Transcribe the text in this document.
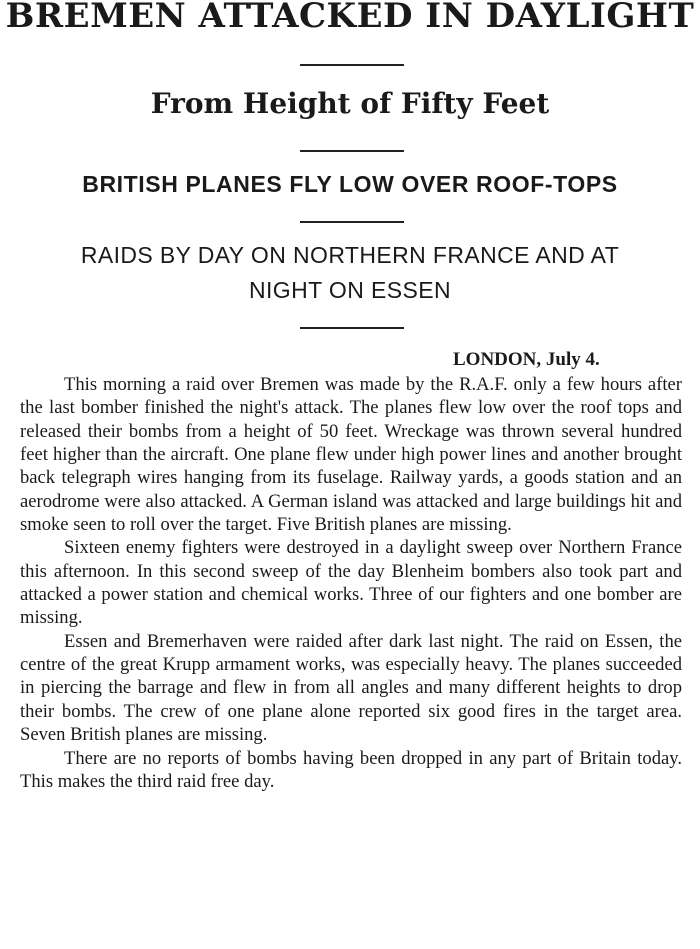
BREMEN ATTACKED IN DAYLIGHT
From Height of Fifty Feet
BRITISH PLANES FLY LOW OVER ROOF-TOPS
RAIDS BY DAY ON NORTHERN FRANCE AND AT
NIGHT ON ESSEN
LONDON, July 4.

This morning a raid over Bremen was made by the R.A.F. only a few hours after the last bomber finished the night's attack. The planes flew low over the roof tops and released their bombs from a height of 50 feet. Wreckage was thrown several hundred feet higher than the aircraft. One plane flew under high power lines and another brought back telegraph wires hanging from its fuselage. Railway yards, a goods station and an aerodrome were also attacked. A German island was attacked and large buildings hit and smoke seen to roll over the target. Five British planes are missing.

Sixteen enemy fighters were destroyed in a daylight sweep over Northern France this afternoon. In this second sweep of the day Blenheim bombers also took part and attacked a power station and chemical works. Three of our fighters and one bomber are missing.

Essen and Bremerhaven were raided after dark last night. The raid on Essen, the centre of the great Krupp armament works, was especially heavy. The planes succeeded in piercing the barrage and flew in from all angles and many different heights to drop their bombs. The crew of one plane alone reported six good fires in the target area. Seven British planes are missing.

There are no reports of bombs having been dropped in any part of Britain today. This makes the third raid free day.
